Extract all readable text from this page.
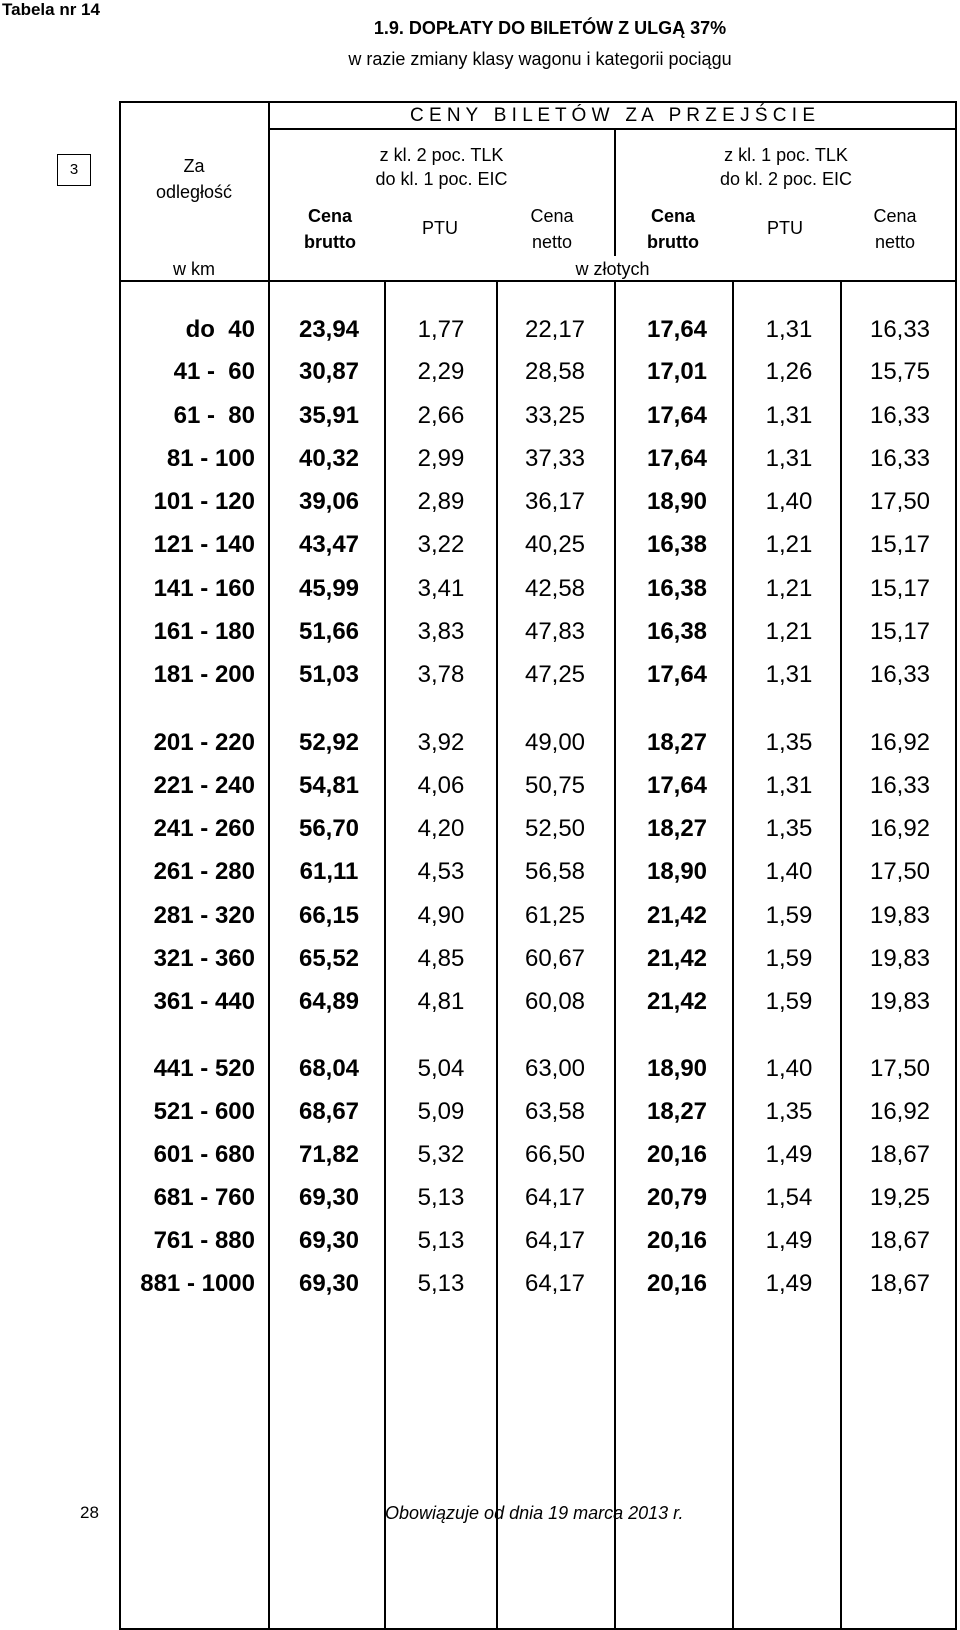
Tabela nr 14
1.9. DOPŁATY DO BILETÓW Z ULGĄ 37%
w razie zmiany klasy wagonu i kategorii pociągu
3
C E N Y   B I L E T Ó W   Z A   P R Z E J Ś C I E
Za
odległość
w km
z kl. 2 poc. TLK
do kl. 1 poc. EIC
z kl. 1 poc. TLK
do kl. 2 poc. EIC
Cena
brutto
PTU
Cena
netto
Cena
brutto
PTU
Cena
netto
w złotych
do  40	23,94	1,77	22,17	17,64	1,31	16,33
41 -  60	30,87	2,29	28,58	17,01	1,26	15,75
61 -  80	35,91	2,66	33,25	17,64	1,31	16,33
81 - 100	40,32	2,99	37,33	17,64	1,31	16,33
101 - 120	39,06	2,89	36,17	18,90	1,40	17,50
121 - 140	43,47	3,22	40,25	16,38	1,21	15,17
141 - 160	45,99	3,41	42,58	16,38	1,21	15,17
161 - 180	51,66	3,83	47,83	16,38	1,21	15,17
181 - 200	51,03	3,78	47,25	17,64	1,31	16,33
201 - 220	52,92	3,92	49,00	18,27	1,35	16,92
221 - 240	54,81	4,06	50,75	17,64	1,31	16,33
241 - 260	56,70	4,20	52,50	18,27	1,35	16,92
261 - 280	61,11	4,53	56,58	18,90	1,40	17,50
281 - 320	66,15	4,90	61,25	21,42	1,59	19,83
321 - 360	65,52	4,85	60,67	21,42	1,59	19,83
361 - 440	64,89	4,81	60,08	21,42	1,59	19,83
441 - 520	68,04	5,04	63,00	18,90	1,40	17,50
521 - 600	68,67	5,09	63,58	18,27	1,35	16,92
601 - 680	71,82	5,32	66,50	20,16	1,49	18,67
681 - 760	69,30	5,13	64,17	20,79	1,54	19,25
761 - 880	69,30	5,13	64,17	20,16	1,49	18,67
881 - 1000	69,30	5,13	64,17	20,16	1,49	18,67
28	Obowiązuje od dnia 19 marca 2013 r.
